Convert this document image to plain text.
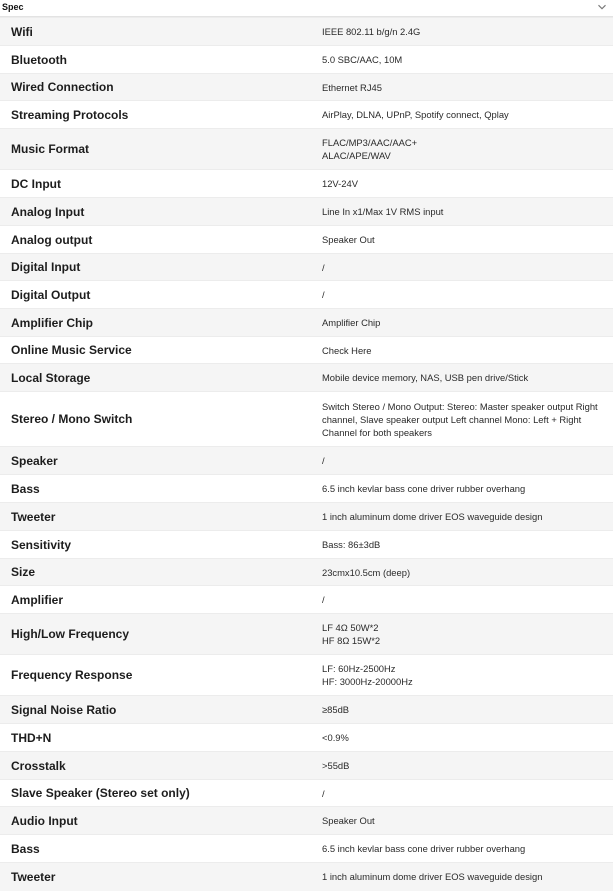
Spec
Wifi	IEEE 802.11 b/g/n 2.4G
Bluetooth	5.0 SBC/AAC, 10M
Wired Connection	Ethernet RJ45
Streaming Protocols	AirPlay, DLNA, UPnP, Spotify connect, Qplay
Music Format	FLAC/MP3/AAC/AAC+
ALAC/APE/WAV
DC Input	12V-24V
Analog Input	Line In x1/Max 1V RMS input
Analog output	Speaker Out
Digital Input	/
Digital Output	/
Amplifier Chip	Amplifier Chip
Online Music Service	Check Here
Local Storage	Mobile device memory, NAS, USB pen drive/Stick
Stereo / Mono Switch	Switch Stereo / Mono Output: Stereo: Master speaker output Right channel, Slave speaker output Left channel Mono: Left + Right Channel for both speakers
Speaker	/
Bass	6.5 inch kevlar bass cone driver rubber overhang
Tweeter	1 inch aluminum dome driver EOS waveguide design
Sensitivity	Bass: 86±3dB
Size	23cmx10.5cm (deep)
Amplifier	/
High/Low Frequency	LF 4Ω 50W*2
HF 8Ω 15W*2
Frequency Response	LF: 60Hz-2500Hz
HF: 3000Hz-20000Hz
Signal Noise Ratio	≥85dB
THD+N	<0.9%
Crosstalk	>55dB
Slave Speaker (Stereo set only)	/
Audio Input	Speaker Out
Bass	6.5 inch kevlar bass cone driver rubber overhang
Tweeter	1 inch aluminum dome driver EOS waveguide design
